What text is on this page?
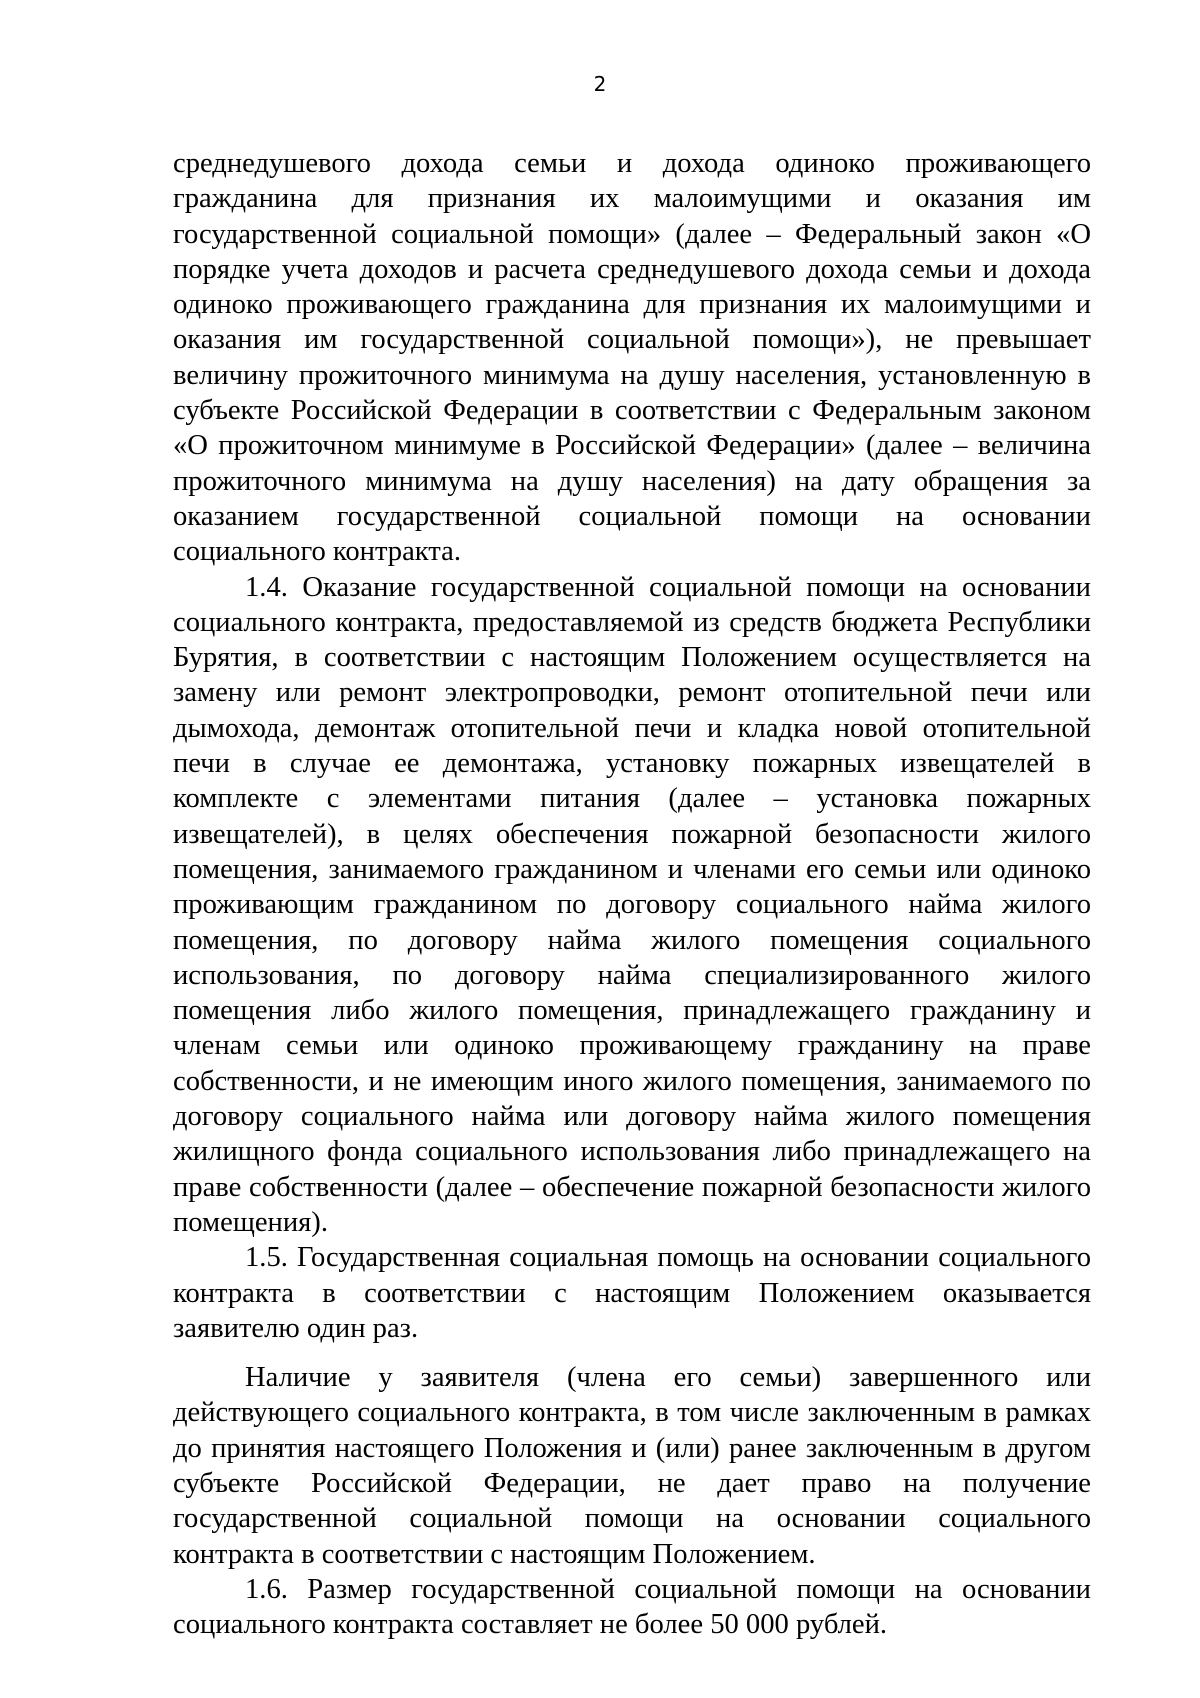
2

среднедушевого дохода семьи и дохода одиноко проживающего гражданина для признания их малоимущими и оказания им государственной социальной помощи» (далее – Федеральный закон «О порядке учета доходов и расчета среднедушевого дохода семьи и дохода одиноко проживающего гражданина для признания их малоимущими и оказания им государственной социальной помощи»), не превышает величину прожиточного минимума на душу населения, установленную в субъекте Российской Федерации в соответствии с Федеральным законом «О прожиточном минимуме в Российской Федерации» (далее – величина прожиточного минимума на душу населения) на дату обращения за оказанием государственной социальной помощи на основании социального контракта.

1.4. Оказание государственной социальной помощи на основании социального контракта, предоставляемой из средств бюджета Республики Бурятия, в соответствии с настоящим Положением осуществляется на замену или ремонт электропроводки, ремонт отопительной печи или дымохода, демонтаж отопительной печи и кладка новой отопительной печи в случае ее демонтажа, установку пожарных извещателей в комплекте с элементами питания (далее – установка пожарных извещателей), в целях обеспечения пожарной безопасности жилого помещения, занимаемого гражданином и членами его семьи или одиноко проживающим гражданином по договору социального найма жилого помещения, по договору найма жилого помещения социального использования, по договору найма специализированного жилого помещения либо жилого помещения, принадлежащего гражданину и членам семьи или одиноко проживающему гражданину на праве собственности, и не имеющим иного жилого помещения, занимаемого по договору социального найма или договору найма жилого помещения жилищного фонда социального использования либо принадлежащего на праве собственности (далее – обеспечение пожарной безопасности жилого помещения).

1.5. Государственная социальная помощь на основании социального контракта в соответствии с настоящим Положением оказывается заявителю один раз.

Наличие у заявителя (члена его семьи) завершенного или действующего социального контракта, в том числе заключенным в рамках до принятия настоящего Положения и (или) ранее заключенным в другом субъекте Российской Федерации, не дает право на получение государственной социальной помощи на основании социального контракта в соответствии с настоящим Положением.

1.6. Размер государственной социальной помощи на основании социального контракта составляет не более 50 000 рублей.
